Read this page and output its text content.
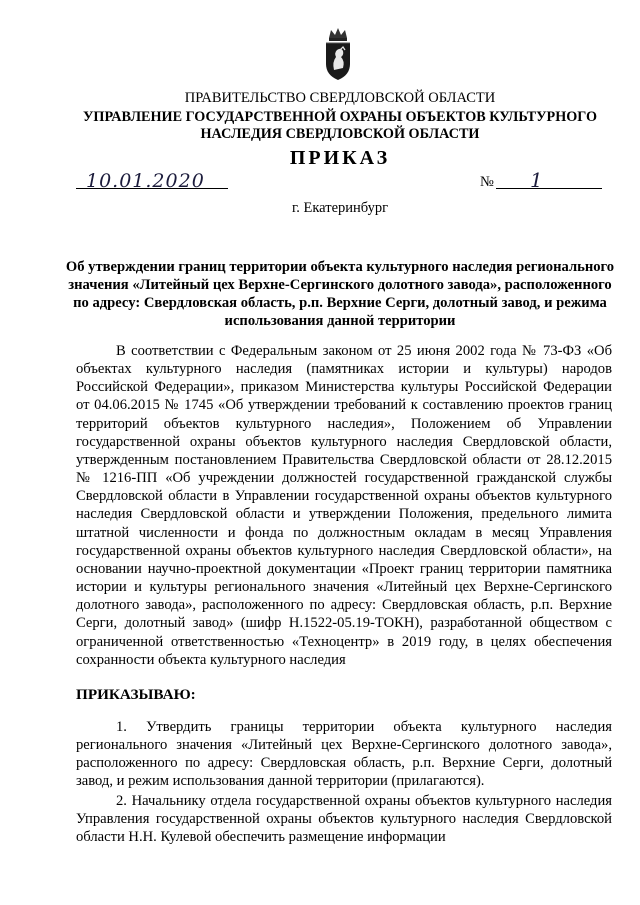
ПРАВИТЕЛЬСТВО СВЕРДЛОВСКОЙ ОБЛАСТИ
УПРАВЛЕНИЕ ГОСУДАРСТВЕННОЙ ОХРАНЫ ОБЪЕКТОВ КУЛЬТУРНОГО НАСЛЕДИЯ СВЕРДЛОВСКОЙ ОБЛАСТИ
ПРИКАЗ
10.01.2020	№ 1
г. Екатеринбург
Об утверждении границ территории объекта культурного наследия регионального значения «Литейный цех Верхне-Сергинского долотного завода», расположенного по адресу: Свердловская область, р.п. Верхние Серги, долотный завод, и режима использования данной территории
В соответствии с Федеральным законом от 25 июня 2002 года № 73-ФЗ «Об объектах культурного наследия (памятниках истории и культуры) народов Российской Федерации», приказом Министерства культуры Российской Федерации от 04.06.2015 № 1745 «Об утверждении требований к составлению проектов границ территорий объектов культурного наследия», Положением об Управлении государственной охраны объектов культурного наследия Свердловской области, утвержденным постановлением Правительства Свердловской области от 28.12.2015 № 1216-ПП «Об учреждении должностей государственной гражданской службы Свердловской области в Управлении государственной охраны объектов культурного наследия Свердловской области и утверждении Положения, предельного лимита штатной численности и фонда по должностным окладам в месяц Управления государственной охраны объектов культурного наследия Свердловской области», на основании научно-проектной документации «Проект границ территории памятника истории и культуры регионального значения «Литейный цех Верхне-Сергинского долотного завода», расположенного по адресу: Свердловская область, р.п. Верхние Серги, долотный завод» (шифр Н.1522-05.19-ТОКН), разработанной обществом с ограниченной ответственностью «Техноцентр» в 2019 году, в целях обеспечения сохранности объекта культурного наследия
ПРИКАЗЫВАЮ:
1. Утвердить границы территории объекта культурного наследия регионального значения «Литейный цех Верхне-Сергинского долотного завода», расположенного по адресу: Свердловская область, р.п. Верхние Серги, долотный завод, и режим использования данной территории (прилагаются).
2. Начальнику отдела государственной охраны объектов культурного наследия Управления государственной охраны объектов культурного наследия Свердловской области Н.Н. Кулевой обеспечить размещение информации
